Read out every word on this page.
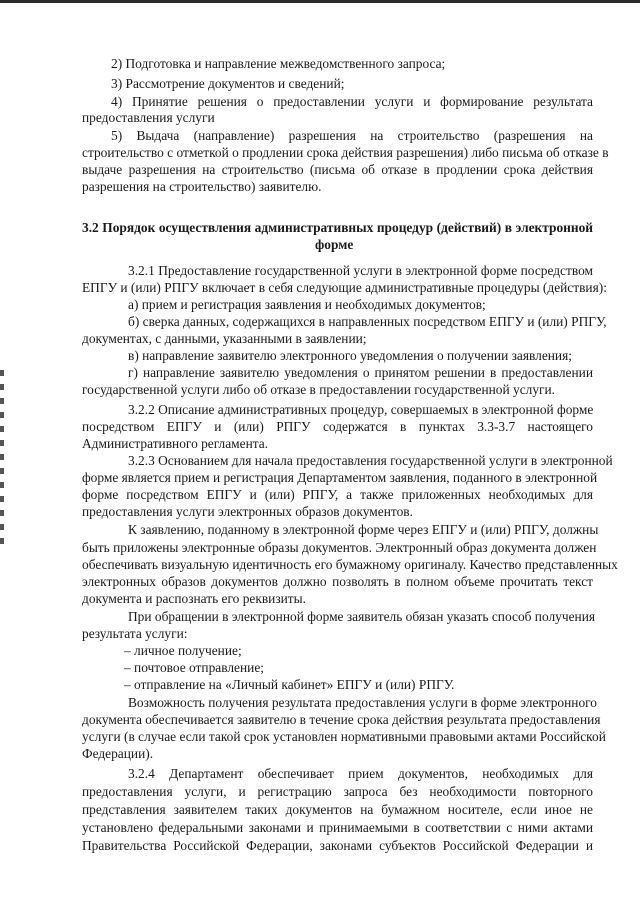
2) Подготовка и направление межведомственного запроса;
3) Рассмотрение документов и сведений;
4) Принятие решения о предоставлении услуги и формирование результата
предоставления услуги
5) Выдача (направление) разрешения на строительство (разрешения на
строительство с отметкой о продлении срока действия разрешения) либо письма об отказе в
выдаче разрешения на строительство (письма об отказе в продлении срока действия
разрешения на строительство) заявителю.
3.2 Порядок осуществления административных процедур (действий) в электронной
форме
3.2.1 Предоставление государственной услуги в электронной форме посредством
ЕПГУ и (или) РПГУ включает в себя следующие административные процедуры (действия):
а) прием и регистрация заявления и необходимых документов;
б) сверка данных, содержащихся в направленных посредством ЕПГУ и (или) РПГУ,
документах, с данными, указанными в заявлении;
в) направление заявителю электронного уведомления о получении заявления;
г) направление заявителю уведомления о принятом решении в предоставлении
государственной услуги либо об отказе в предоставлении государственной услуги.
3.2.2 Описание административных процедур, совершаемых в электронной форме
посредством ЕПГУ и (или) РПГУ содержатся в пунктах 3.3-3.7 настоящего
Административного регламента.
3.2.3 Основанием для начала предоставления государственной услуги в электронной
форме является прием и регистрация Департаментом заявления, поданного в электронной
форме посредством ЕПГУ и (или) РПГУ, а также приложенных необходимых для
предоставления услуги электронных образов документов.
К заявлению, поданному в электронной форме через ЕПГУ и (или) РПГУ, должны
быть приложены электронные образы документов. Электронный образ документа должен
обеспечивать визуальную идентичность его бумажному оригиналу. Качество представленных
электронных образов документов должно позволять в полном объеме прочитать текст
документа и распознать его реквизиты.
При обращении в электронной форме заявитель обязан указать способ получения
результата услуги:
– личное получение;
– почтовое отправление;
– отправление на «Личный кабинет» ЕПГУ и (или) РПГУ.
Возможность получения результата предоставления услуги в форме электронного
документа обеспечивается заявителю в течение срока действия результата предоставления
услуги (в случае если такой срок установлен нормативными правовыми актами Российской
Федерации).
3.2.4 Департамент обеспечивает прием документов, необходимых для
предоставления услуги, и регистрацию запроса без необходимости повторного
представления заявителем таких документов на бумажном носителе, если иное не
установлено федеральными законами и принимаемыми в соответствии с ними актами
Правительства Российской Федерации, законами субъектов Российской Федерации и
